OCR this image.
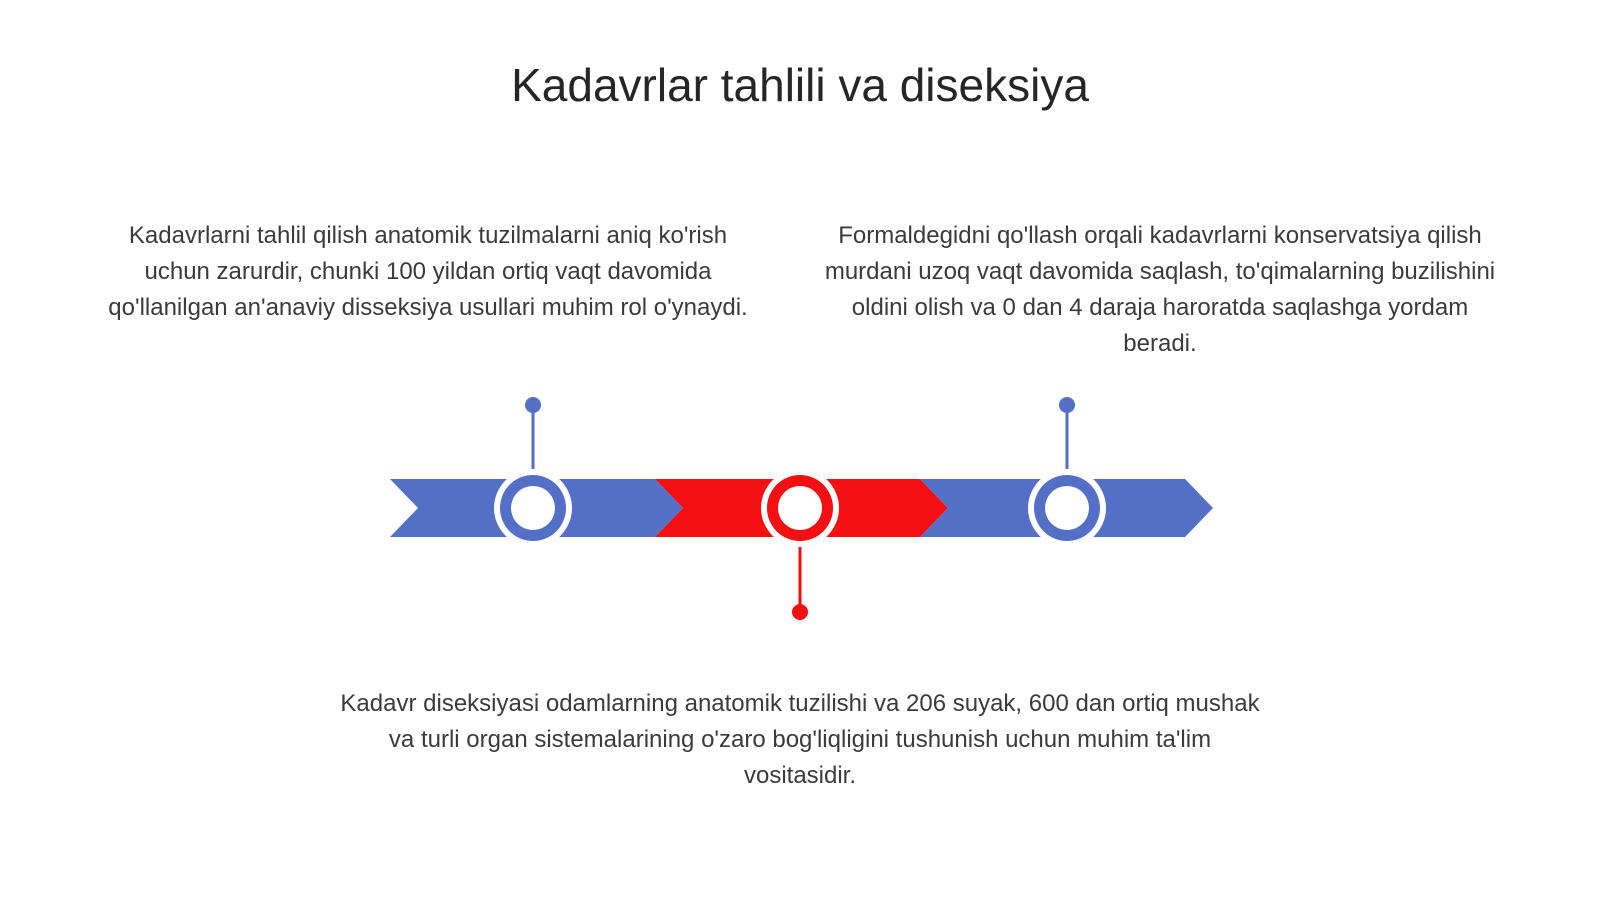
Kadavrlar tahlili va diseksiya
Kadavrlarni tahlil qilish anatomik tuzilmalarni aniq ko'rish uchun zarurdir, chunki 100 yildan ortiq vaqt davomida qo'llanilgan an'anaviy disseksiya usullari muhim rol o'ynaydi.
Formaldegidni qo'llash orqali kadavrlarni konservatsiya qilish murdani uzoq vaqt davomida saqlash, to'qimalarning buzilishini oldini olish va 0 dan 4 daraja haroratda saqlashga yordam beradi.
Kadavr diseksiyasi odamlarning anatomik tuzilishi va 206 suyak, 600 dan ortiq mushak va turli organ sistemalarining o'zaro bog'liqligini tushunish uchun muhim ta'lim vositasidir.
